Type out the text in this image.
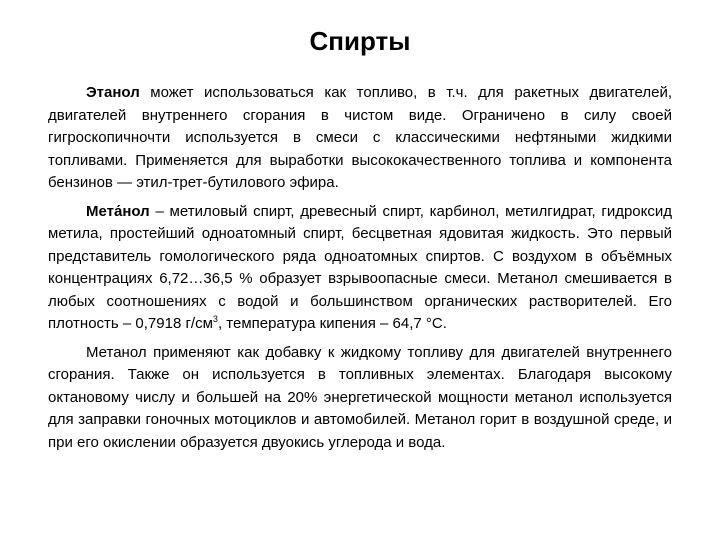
Спирты

Этанол может использоваться как топливо, в т.ч. для ракетных двигателей, двигателей внутреннего сгорания в чистом виде. Ограничено в силу своей гигроскопичночти используется в смеси с классическими нефтяными жидкими топливами. Применяется для выработки высококачественного топлива и компонента бензинов — этил-трет-бутилового эфира.

Мета́нол – метиловый спирт, древесный спирт, карбинол, метилгидрат, гидроксид метила, простейший одноатомный спирт, бесцветная ядовитая жидкость. Это первый представитель гомологического ряда одноатомных спиртов. С воздухом в объёмных концентрациях 6,72…36,5 % образует взрывоопасные смеси. Метанол смешивается в любых соотношениях с водой и большинством органических растворителей. Его плотность – 0,7918 $г/см^3$, температура кипения – 64,7 °С.

Метанол применяют как добавку к жидкому топливу для двигателей внутреннего сгорания. Также он используется в топливных элементах. Благодаря высокому октановому числу и большей на 20% энергетической мощности метанол используется для заправки гоночных мотоциклов и автомобилей. Метанол горит в воздушной среде, и при его окислении образуется двуокись углерода и вода.
